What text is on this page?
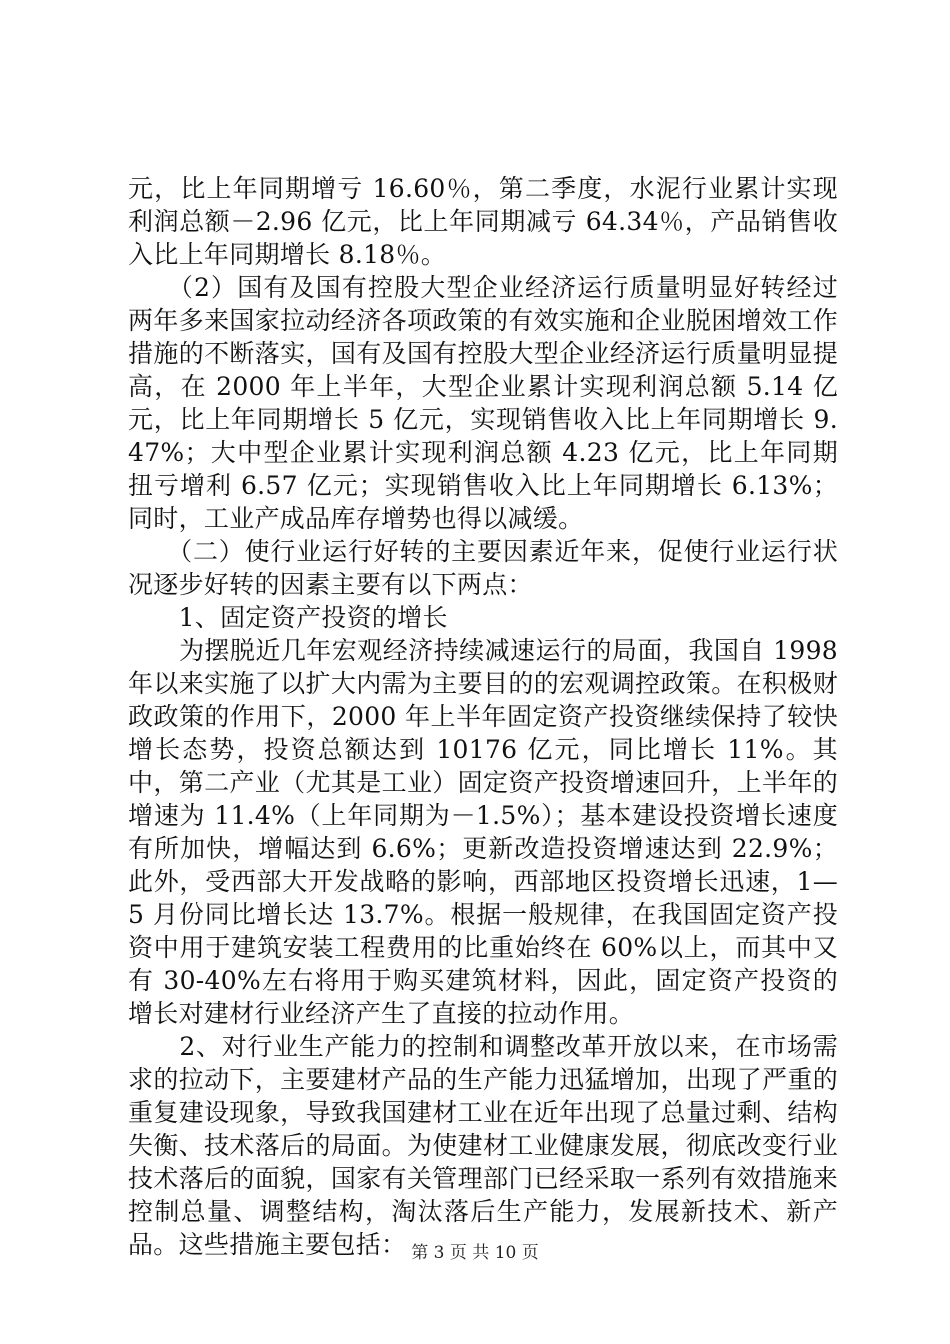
元，比上年同期增亏 16.60％，第二季度，水泥行业累计实现利润总额－2.96 亿元，比上年同期减亏 64.34％，产品销售收入比上年同期增长 8.18％。

　　（2）国有及国有控股大型企业经济运行质量明显好转经过两年多来国家拉动经济各项政策的有效实施和企业脱困增效工作措施的不断落实，国有及国有控股大型企业经济运行质量明显提高，在 2000 年上半年，大型企业累计实现利润总额 5.14 亿元，比上年同期增长 5 亿元，实现销售收入比上年同期增长 9.47%；大中型企业累计实现利润总额 4.23 亿元，比上年同期扭亏增利 6.57 亿元；实现销售收入比上年同期增长 6.13%；同时，工业产成品库存增势也得以减缓。

　　（二）使行业运行好转的主要因素近年来，促使行业运行状况逐步好转的因素主要有以下两点：

　　1、固定资产投资的增长

　　为摆脱近几年宏观经济持续减速运行的局面，我国自 1998 年以来实施了以扩大内需为主要目的的宏观调控政策。在积极财政政策的作用下，2000 年上半年固定资产投资继续保持了较快增长态势，投资总额达到 10176 亿元，同比增长 11%。其中，第二产业（尤其是工业）固定资产投资增速回升，上半年的增速为 11.4%（上年同期为－1.5%）；基本建设投资增长速度有所加快，增幅达到 6.6%；更新改造投资增速达到 22.9%；此外，受西部大开发战略的影响，西部地区投资增长迅速，1—5 月份同比增长达 13.7%。根据一般规律，在我国固定资产投资中用于建筑安装工程费用的比重始终在 60%以上，而其中又有 30-40%左右将用于购买建筑材料，因此，固定资产投资的增长对建材行业经济产生了直接的拉动作用。

　　2、对行业生产能力的控制和调整改革开放以来，在市场需求的拉动下，主要建材产品的生产能力迅猛增加，出现了严重的重复建设现象，导致我国建材工业在近年出现了总量过剩、结构失衡、技术落后的局面。为使建材工业健康发展，彻底改变行业技术落后的面貌，国家有关管理部门已经采取一系列有效措施来控制总量、调整结构，淘汰落后生产能力，发展新技术、新产品。这些措施主要包括： 第 3 页 共 10 页
